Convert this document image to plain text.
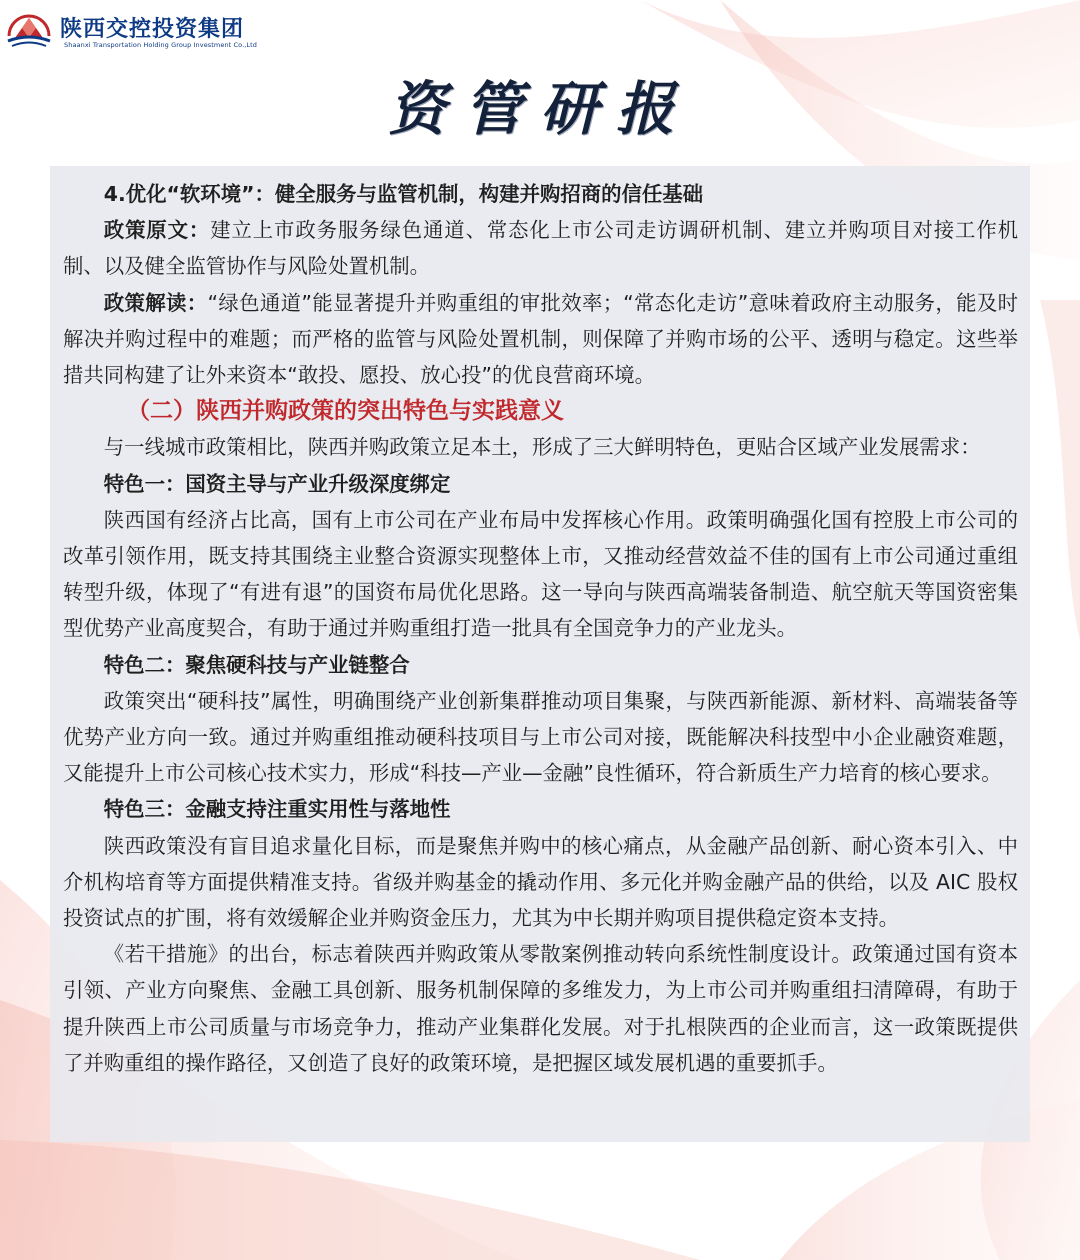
陕西交控投资集团
Shaanxi Transportation Holding Group Investment Co.,Ltd
资管研报

4.优化“软环境”：健全服务与监管机制，构建并购招商的信任基础

政策原文：建立上市政务服务绿色通道、常态化上市公司走访调研机制、建立并购项目对接工作机制、以及健全监管协作与风险处置机制。

政策解读：“绿色通道”能显著提升并购重组的审批效率；“常态化走访”意味着政府主动服务，能及时解决并购过程中的难题；而严格的监管与风险处置机制，则保障了并购市场的公平、透明与稳定。这些举措共同构建了让外来资本“敢投、愿投、放心投”的优良营商环境。

（二）陕西并购政策的突出特色与实践意义

与一线城市政策相比，陕西并购政策立足本土，形成了三大鲜明特色，更贴合区域产业发展需求：

特色一：国资主导与产业升级深度绑定

陕西国有经济占比高，国有上市公司在产业布局中发挥核心作用。政策明确强化国有控股上市公司的改革引领作用，既支持其围绕主业整合资源实现整体上市，又推动经营效益不佳的国有上市公司通过重组转型升级，体现了“有进有退”的国资布局优化思路。这一导向与陕西高端装备制造、航空航天等国资密集型优势产业高度契合，有助于通过并购重组打造一批具有全国竞争力的产业龙头。

特色二：聚焦硬科技与产业链整合

政策突出“硬科技”属性，明确围绕产业创新集群推动项目集聚，与陕西新能源、新材料、高端装备等优势产业方向一致。通过并购重组推动硬科技项目与上市公司对接，既能解决科技型中小企业融资难题，又能提升上市公司核心技术实力，形成“科技—产业—金融”良性循环，符合新质生产力培育的核心要求。

特色三：金融支持注重实用性与落地性

陕西政策没有盲目追求量化目标，而是聚焦并购中的核心痛点，从金融产品创新、耐心资本引入、中介机构培育等方面提供精准支持。省级并购基金的撬动作用、多元化并购金融产品的供给，以及 AIC 股权投资试点的扩围，将有效缓解企业并购资金压力，尤其为中长期并购项目提供稳定资本支持。

《若干措施》的出台，标志着陕西并购政策从零散案例推动转向系统性制度设计。政策通过国有资本引领、产业方向聚焦、金融工具创新、服务机制保障的多维发力，为上市公司并购重组扫清障碍，有助于提升陕西上市公司质量与市场竞争力，推动产业集群化发展。对于扎根陕西的企业而言，这一政策既提供了并购重组的操作路径，又创造了良好的政策环境，是把握区域发展机遇的重要抓手。
